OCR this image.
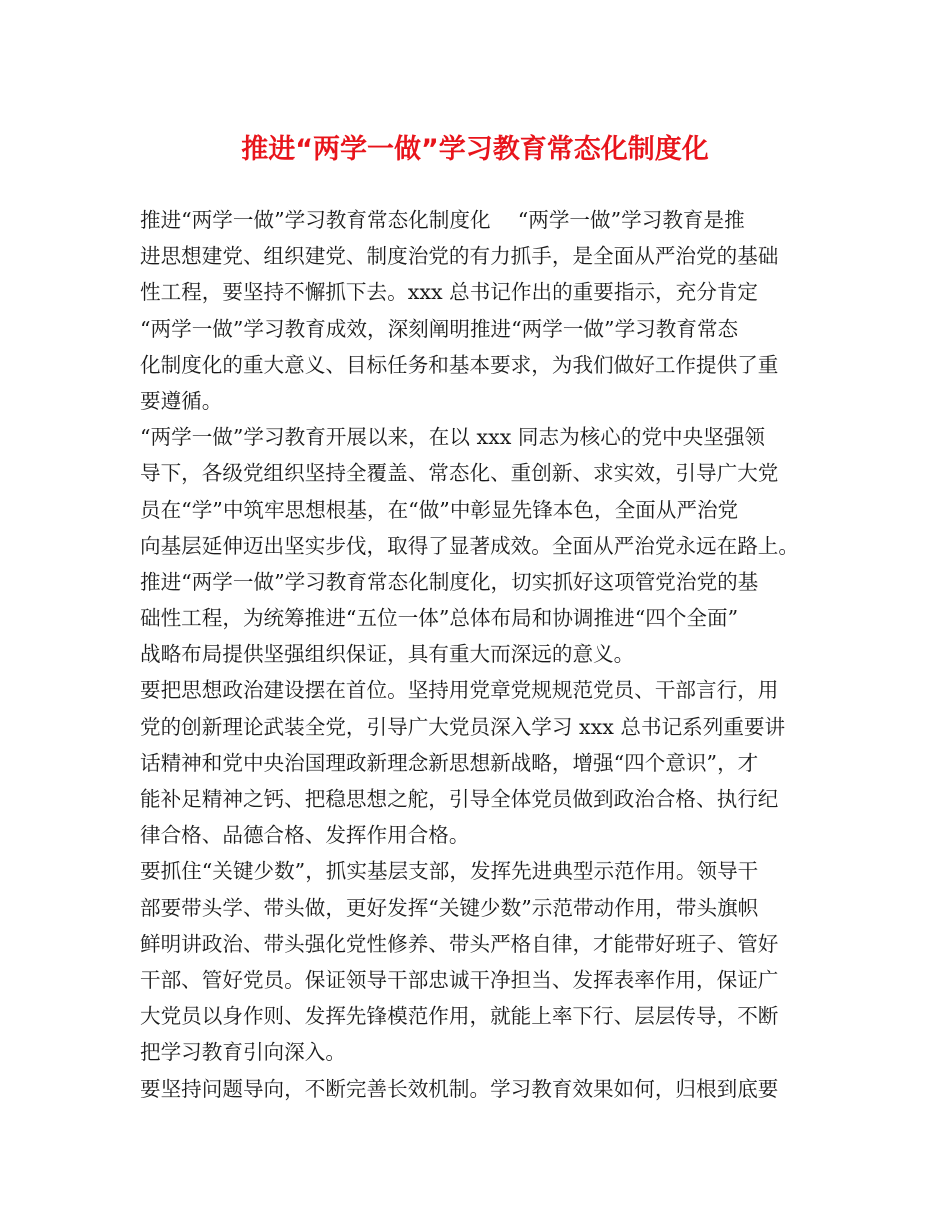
推进“两学一做”学习教育常态化制度化
推进“两学一做”学习教育常态化制度化　 “两学一做”学习教育是推
进思想建党、组织建党、制度治党的有力抓手，是全面从严治党的基础
性工程，要坚持不懈抓下去。xxx 总书记作出的重要指示，充分肯定
“两学一做”学习教育成效，深刻阐明推进“两学一做”学习教育常态
化制度化的重大意义、目标任务和基本要求，为我们做好工作提供了重
要遵循。
“两学一做”学习教育开展以来，在以 xxx 同志为核心的党中央坚强领
导下，各级党组织坚持全覆盖、常态化、重创新、求实效，引导广大党
员在“学”中筑牢思想根基，在“做”中彰显先锋本色，全面从严治党
向基层延伸迈出坚实步伐，取得了显著成效。全面从严治党永远在路上。
推进“两学一做”学习教育常态化制度化，切实抓好这项管党治党的基
础性工程，为统筹推进“五位一体”总体布局和协调推进“四个全面”
战略布局提供坚强组织保证，具有重大而深远的意义。
要把思想政治建设摆在首位。坚持用党章党规规范党员、干部言行，用
党的创新理论武装全党，引导广大党员深入学习 xxx 总书记系列重要讲
话精神和党中央治国理政新理念新思想新战略，增强“四个意识”，才
能补足精神之钙、把稳思想之舵，引导全体党员做到政治合格、执行纪
律合格、品德合格、发挥作用合格。
要抓住“关键少数”，抓实基层支部，发挥先进典型示范作用。领导干
部要带头学、带头做，更好发挥“关键少数”示范带动作用，带头旗帜
鲜明讲政治、带头强化党性修养、带头严格自律，才能带好班子、管好
干部、管好党员。保证领导干部忠诚干净担当、发挥表率作用，保证广
大党员以身作则、发挥先锋模范作用，就能上率下行、层层传导，不断
把学习教育引向深入。
要坚持问题导向，不断完善长效机制。学习教育效果如何，归根到底要
